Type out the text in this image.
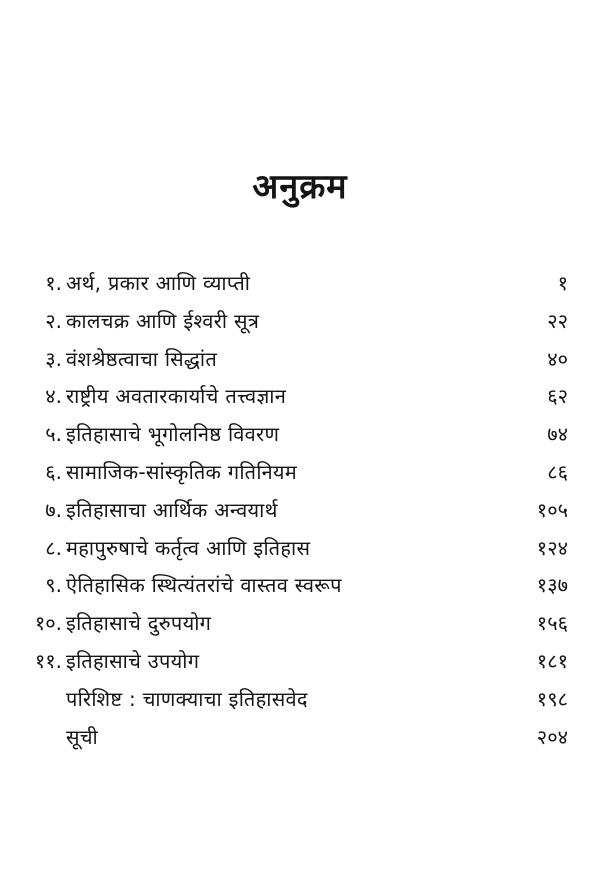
अनुक्रम
१. अर्थ, प्रकार आणि व्याप्ती	१
२. कालचक्र आणि ईश्वरी सूत्र	२२
३. वंशश्रेष्ठत्वाचा सिद्धांत	४०
४. राष्ट्रीय अवतारकार्याचे तत्त्वज्ञान	६२
५. इतिहासाचे भूगोलनिष्ठ विवरण	७४
६. सामाजिक-सांस्कृतिक गतिनियम	८६
७. इतिहासाचा आर्थिक अन्वयार्थ	१०५
८. महापुरुषाचे कर्तृत्व आणि इतिहास	१२४
९. ऐतिहासिक स्थित्यंतरांचे वास्तव स्वरूप	१३७
१०. इतिहासाचे दुरुपयोग	१५६
११. इतिहासाचे उपयोग	१८१
परिशिष्ट : चाणक्याचा इतिहासवेद	१९८
सूची	२०४
